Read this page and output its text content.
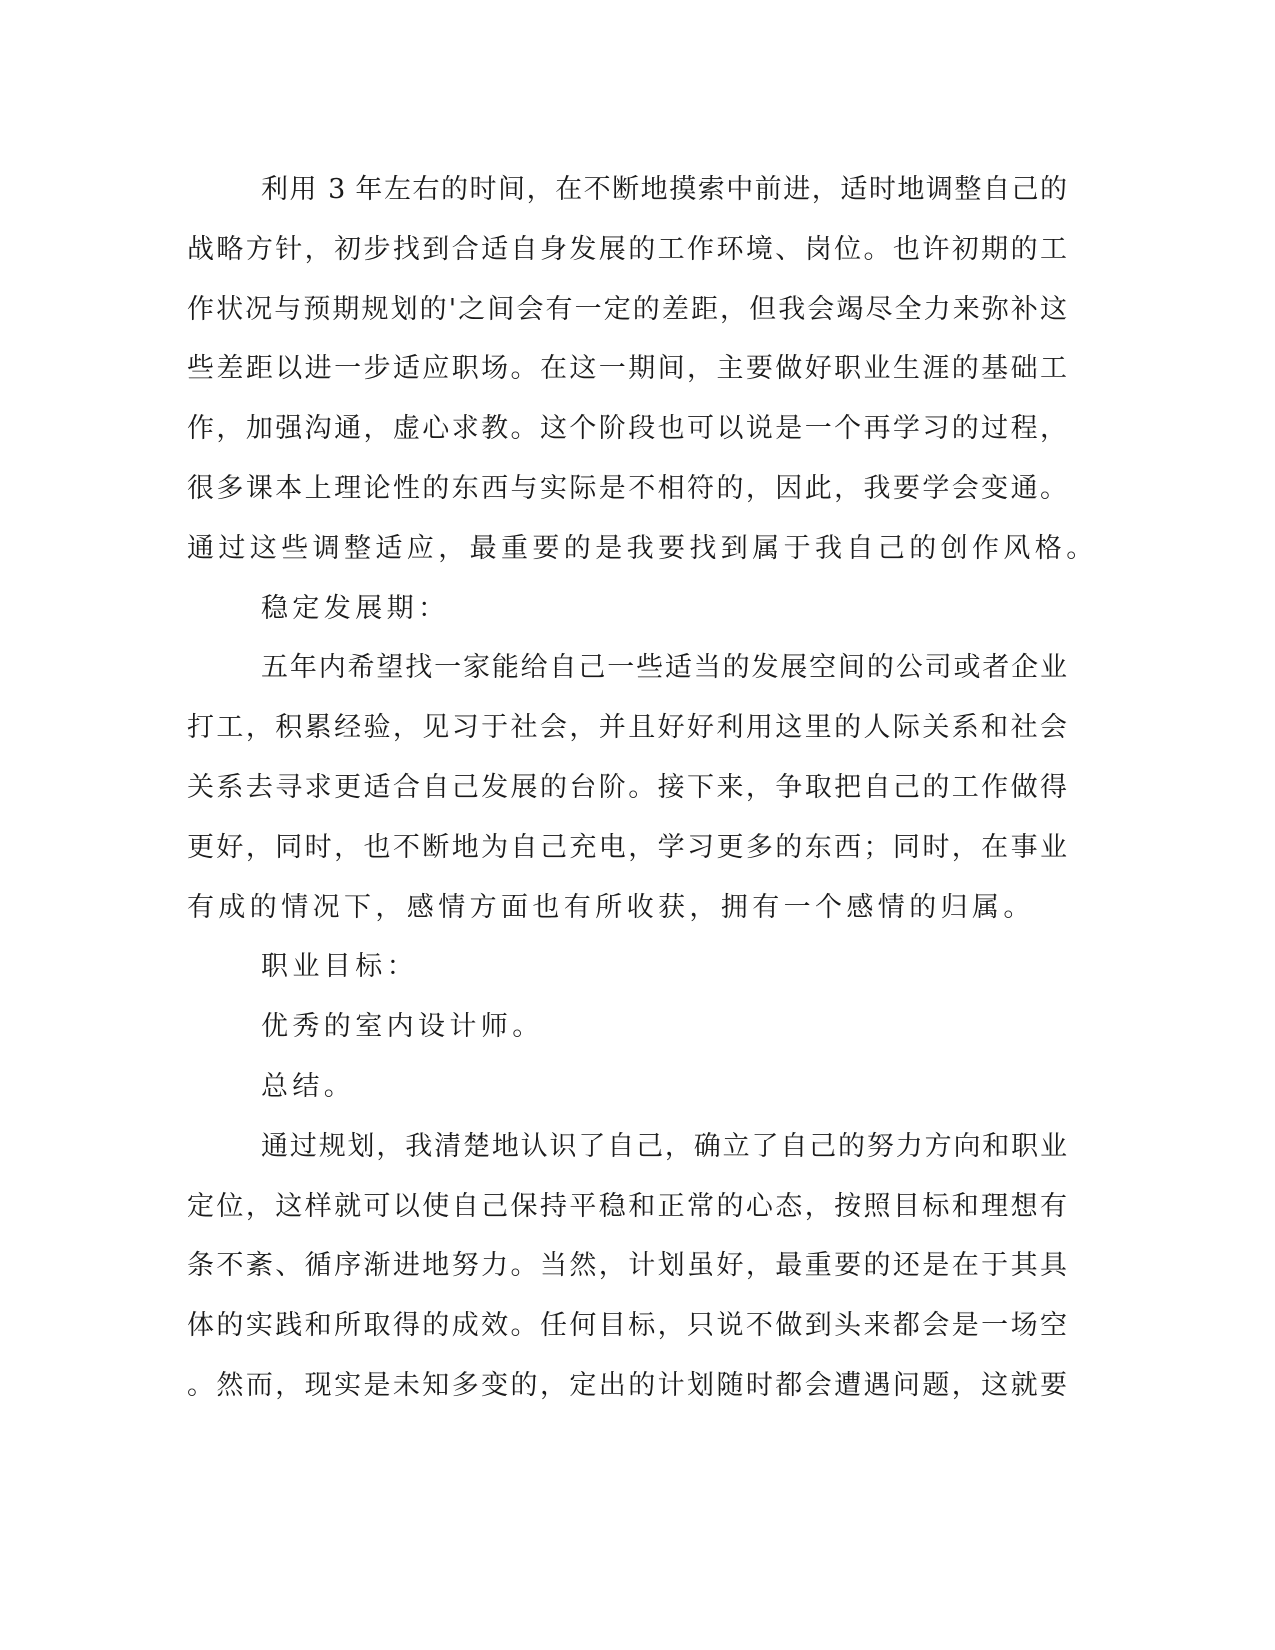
利用 3 年左右的时间，在不断地摸索中前进，适时地调整自己的
战略方针，初步找到合适自身发展的工作环境、岗位。也许初期的工
作状况与预期规划的'之间会有一定的差距，但我会竭尽全力来弥补这
些差距以进一步适应职场。在这一期间，主要做好职业生涯的基础工
作，加强沟通，虚心求教。这个阶段也可以说是一个再学习的过程，
很多课本上理论性的东西与实际是不相符的，因此，我要学会变通。
通过这些调整适应，最重要的是我要找到属于我自己的创作风格。
稳定发展期：
五年内希望找一家能给自己一些适当的发展空间的公司或者企业
打工，积累经验，见习于社会，并且好好利用这里的人际关系和社会
关系去寻求更适合自己发展的台阶。接下来，争取把自己的工作做得
更好，同时，也不断地为自己充电，学习更多的东西；同时，在事业
有成的情况下，感情方面也有所收获，拥有一个感情的归属。
职业目标：
优秀的室内设计师。
总结。
通过规划，我清楚地认识了自己，确立了自己的努力方向和职业
定位，这样就可以使自己保持平稳和正常的心态，按照目标和理想有
条不紊、循序渐进地努力。当然，计划虽好，最重要的还是在于其具
体的实践和所取得的成效。任何目标，只说不做到头来都会是一场空
。然而，现实是未知多变的，定出的计划随时都会遭遇问题，这就要
